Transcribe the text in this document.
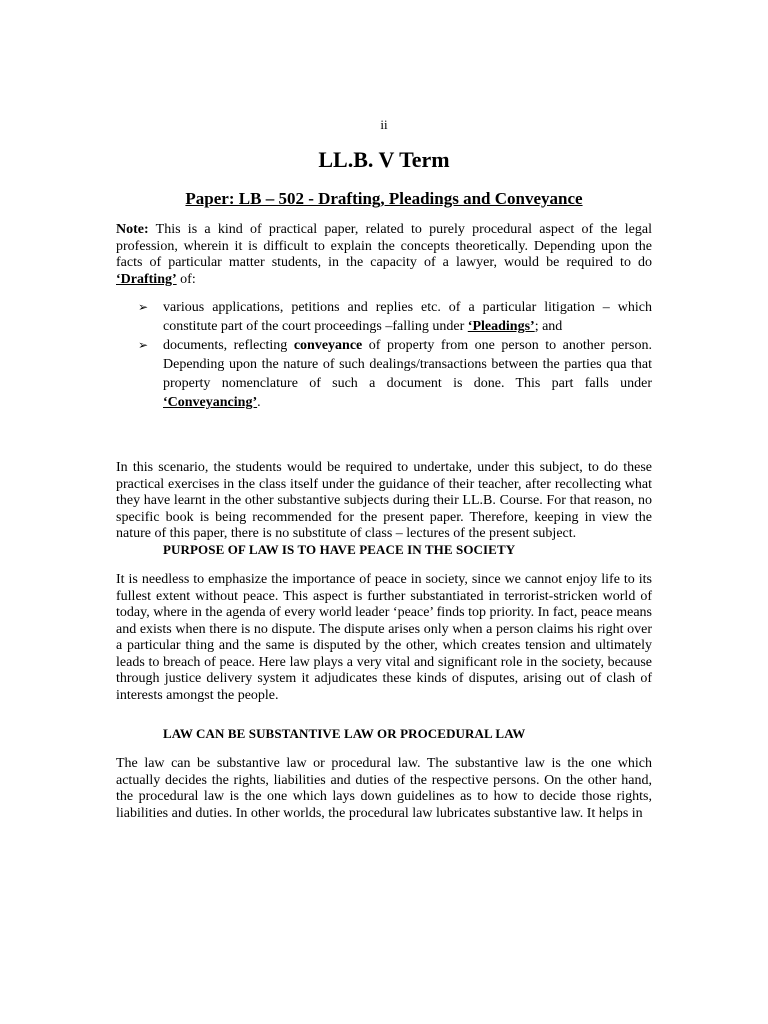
ii
LL.B. V Term
Paper: LB – 502 - Drafting, Pleadings and Conveyance

Note: This is a kind of practical paper, related to purely procedural aspect of the legal profession, wherein it is difficult to explain the concepts theoretically. Depending upon the facts of particular matter students, in the capacity of a lawyer, would be required to do ‘Drafting’ of:

➢ various applications, petitions and replies etc. of a particular litigation – which constitute part of the court proceedings –falling under ‘Pleadings’; and
➢ documents, reflecting conveyance of property from one person to another person. Depending upon the nature of such dealings/transactions between the parties qua that property nomenclature of such a document is done. This part falls under ‘Conveyancing’.

In this scenario, the students would be required to undertake, under this subject, to do these practical exercises in the class itself under the guidance of their teacher, after recollecting what they have learnt in the other substantive subjects during their LL.B. Course. For that reason, no specific book is being recommended for the present paper. Therefore, keeping in view the nature of this paper, there is no substitute of class – lectures of the present subject.

PURPOSE OF LAW IS TO HAVE PEACE IN THE SOCIETY

It is needless to emphasize the importance of peace in society, since we cannot enjoy life to its fullest extent without peace. This aspect is further substantiated in terrorist-stricken world of today, where in the agenda of every world leader ‘peace’ finds top priority. In fact, peace means and exists when there is no dispute. The dispute arises only when a person claims his right over a particular thing and the same is disputed by the other, which creates tension and ultimately leads to breach of peace. Here law plays a very vital and significant role in the society, because through justice delivery system it adjudicates these kinds of disputes, arising out of clash of interests amongst the people.

LAW CAN BE SUBSTANTIVE LAW OR PROCEDURAL LAW

The law can be substantive law or procedural law. The substantive law is the one which actually decides the rights, liabilities and duties of the respective persons. On the other hand, the procedural law is the one which lays down guidelines as to how to decide those rights, liabilities and duties. In other worlds, the procedural law lubricates substantive law. It helps in
